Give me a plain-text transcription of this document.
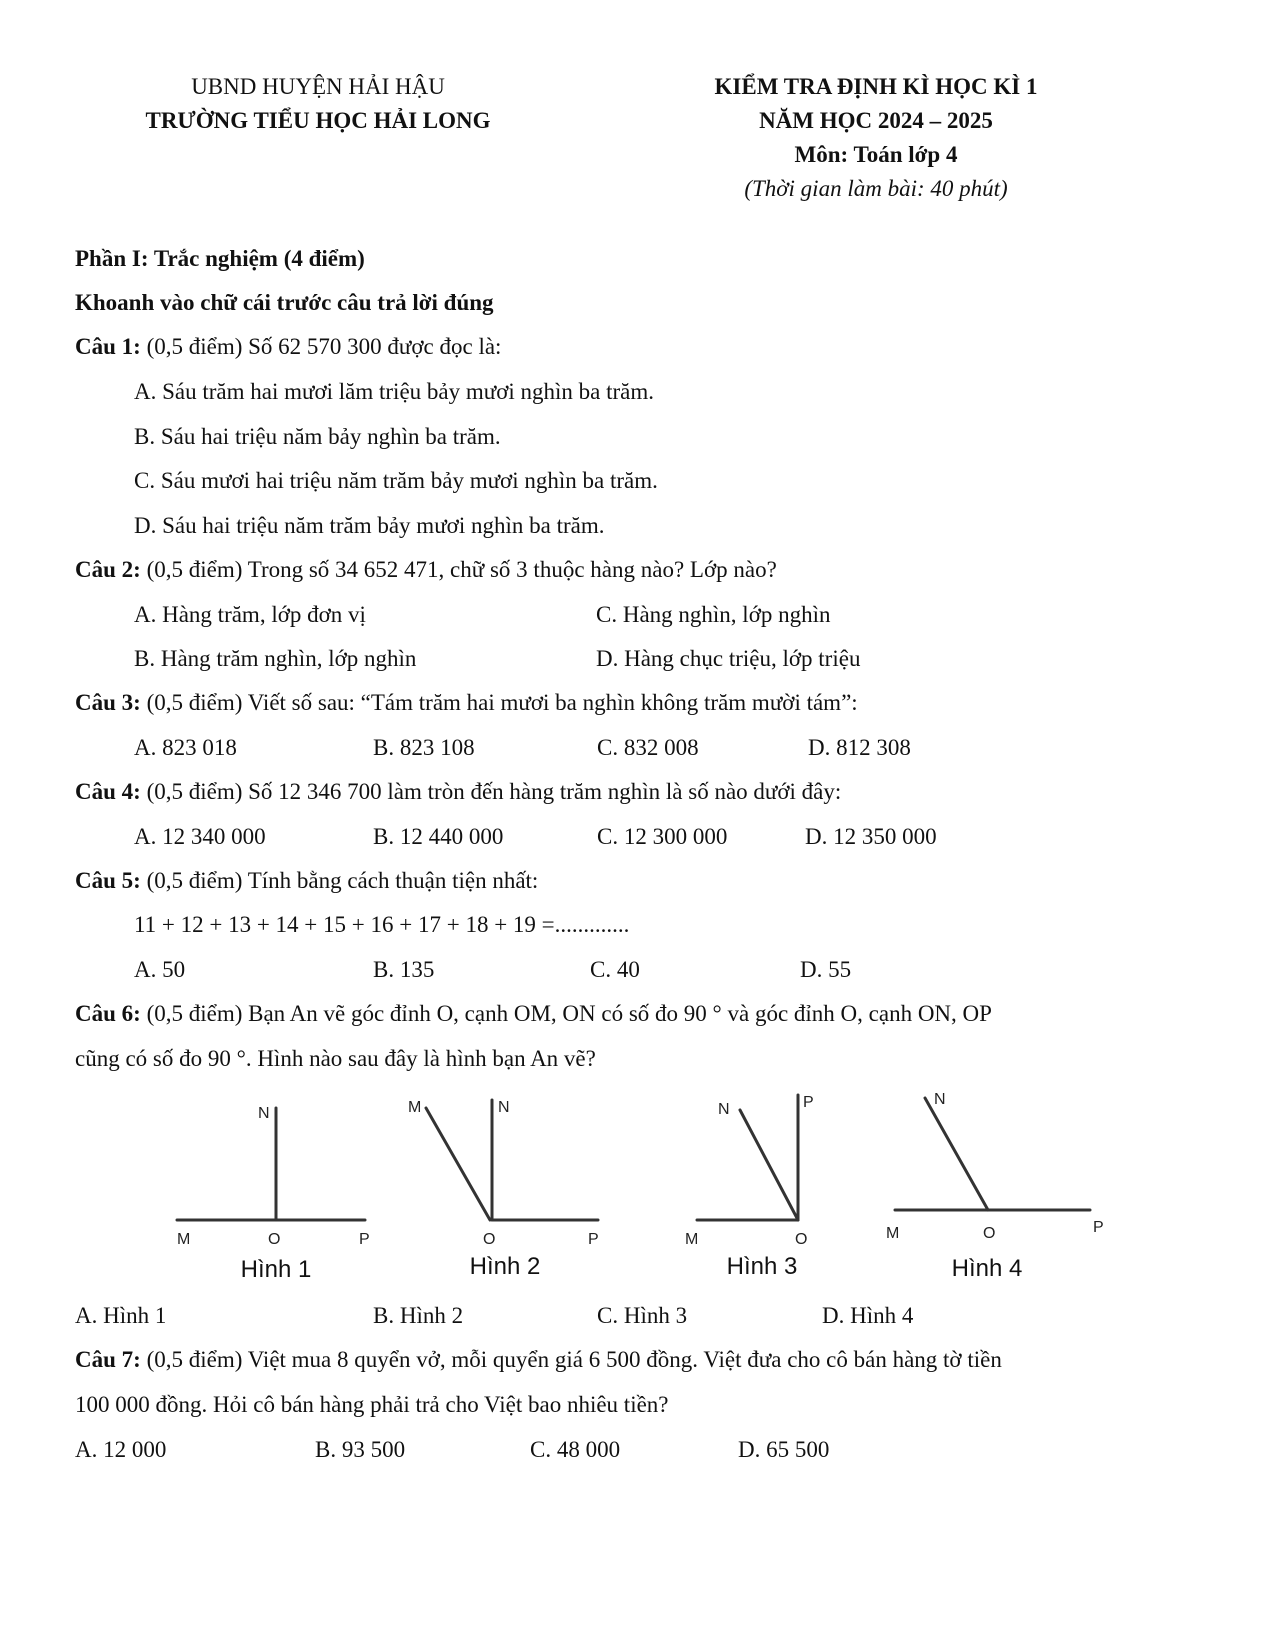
UBND HUYỆN HẢI HẬU
TRƯỜNG TIỂU HỌC HẢI LONG
KIỂM TRA ĐỊNH KÌ HỌC KÌ 1
NĂM HỌC 2024 – 2025
Môn: Toán lớp 4
(Thời gian làm bài: 40 phút)
Phần I: Trắc nghiệm (4 điểm)
Khoanh vào chữ cái trước câu trả lời đúng
Câu 1: (0,5 điểm) Số 62 570 300 được đọc là:
A. Sáu trăm hai mươi lăm triệu bảy mươi nghìn ba trăm.
B. Sáu hai triệu năm bảy nghìn ba trăm.
C. Sáu mươi hai triệu năm trăm bảy mươi nghìn ba trăm.
D. Sáu hai triệu năm trăm bảy mươi nghìn ba trăm.
Câu 2: (0,5 điểm) Trong số 34 652 471, chữ số 3 thuộc hàng nào? Lớp nào?
A. Hàng trăm, lớp đơn vị	C. Hàng nghìn, lớp nghìn
B. Hàng trăm nghìn, lớp nghìn	D. Hàng chục triệu, lớp triệu
Câu 3: (0,5 điểm) Viết số sau: “Tám trăm hai mươi ba nghìn không trăm mười tám”:
A. 823 018	B. 823 108	C. 832 008	D. 812 308
Câu 4: (0,5 điểm) Số 12 346 700 làm tròn đến hàng trăm nghìn là số nào dưới đây:
A. 12 340 000	B. 12 440 000	C. 12 300 000	D. 12 350 000
Câu 5: (0,5 điểm) Tính bằng cách thuận tiện nhất:
11 + 12 + 13 + 14 + 15 + 16 + 17 + 18 + 19 =.............
A. 50	B. 135	C. 40	D. 55
Câu 6: (0,5 điểm) Bạn An vẽ góc đỉnh O, cạnh OM, ON có số đo 90 ° và góc đỉnh O, cạnh ON, OP
cũng có số đo 90 °. Hình nào sau đây là hình bạn An vẽ?
N
M	O	P
M	N
O	P
N	P
M	O
N
M	O	P
Hình 1	Hình 2	Hình 3	Hình 4
A. Hình 1	B. Hình 2	C. Hình 3	D. Hình 4
Câu 7: (0,5 điểm) Việt mua 8 quyển vở, mỗi quyển giá 6 500 đồng. Việt đưa cho cô bán hàng tờ tiền
100 000 đồng. Hỏi cô bán hàng phải trả cho Việt bao nhiêu tiền?
A. 12 000	B. 93 500	C. 48 000	D. 65 500
